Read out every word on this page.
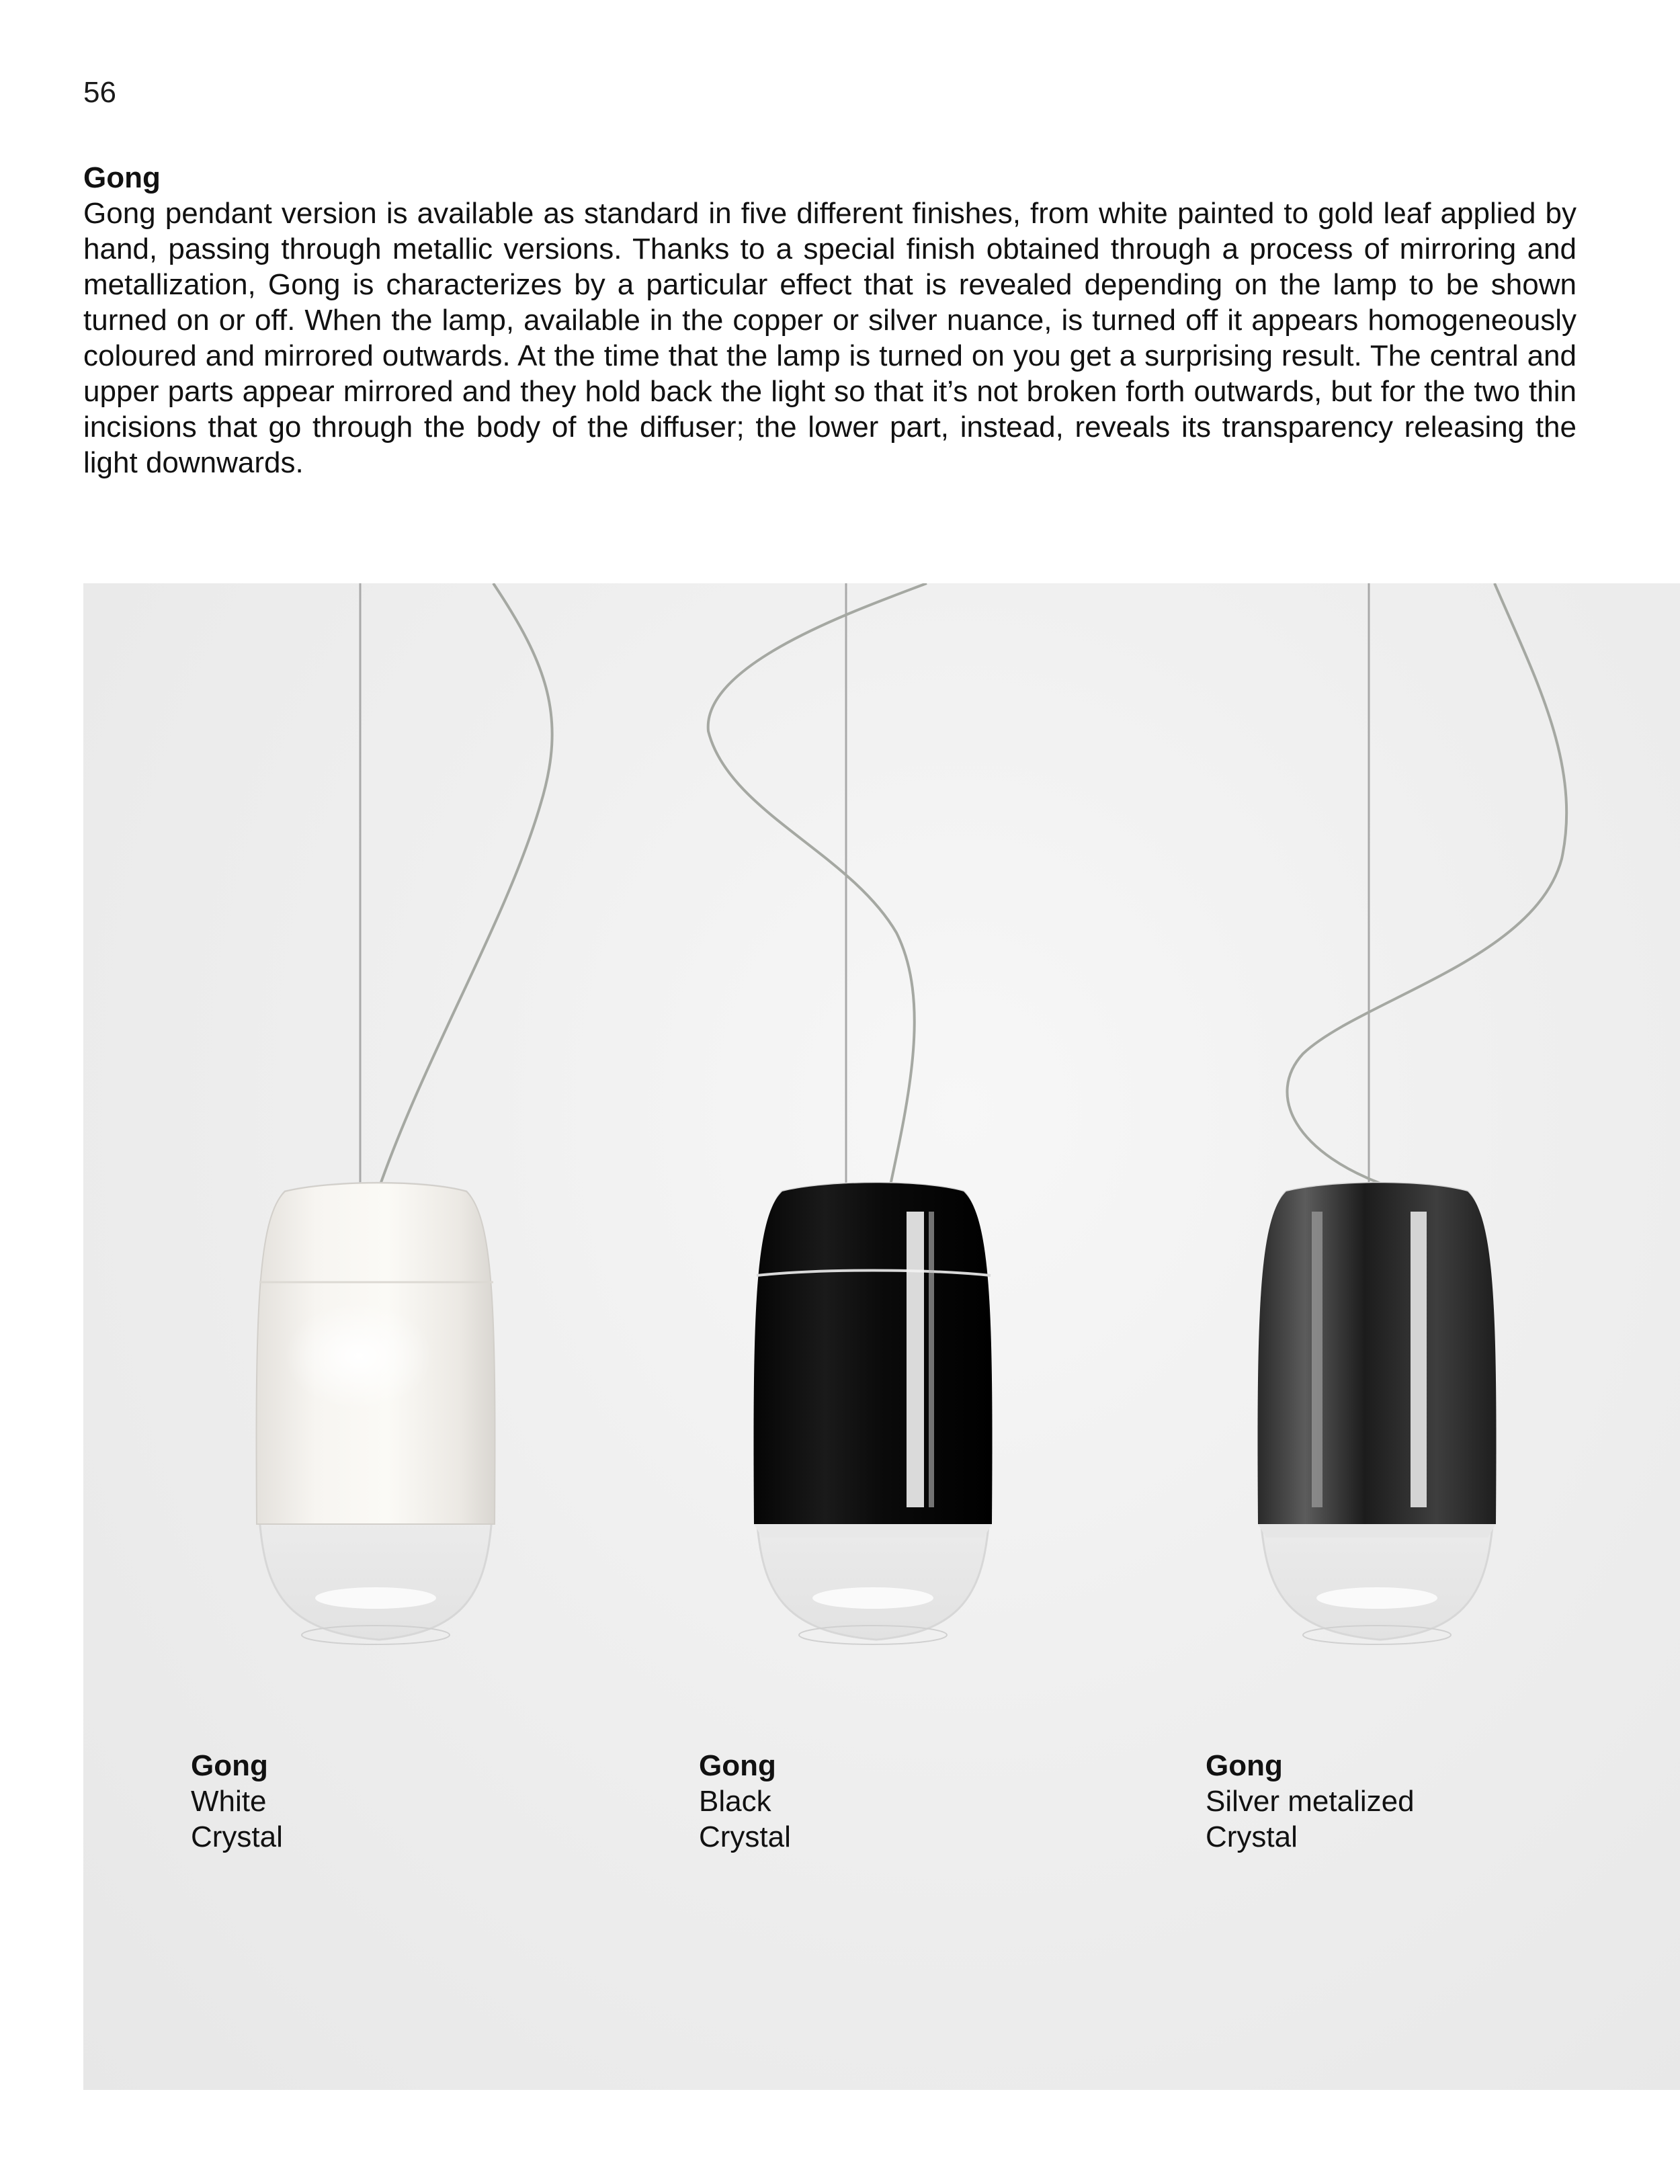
56

Gong

Gong pendant version is available as standard in five different finishes, from white painted to gold leaf applied by hand, passing through metallic versions. Thanks to a special finish obtained through a process of mirroring and metallization, Gong is characterizes by a particular effect that is revealed depending on the lamp to be shown turned on or off. When the lamp, available in the copper or silver nuance, is turned off it appears homogeneously coloured and mirrored outwards. At the time that the lamp is turned on you get a surprising result. The central and upper parts appear mirrored and they hold back the light so that it’s not broken forth outwards, but for the two thin incisions that go through the body of the diffuser; the lower part, instead, reveals its transparency releasing the light downwards.

Gong
White
Crystal
Gong
Black
Crystal
Gong
Silver metalized
Crystal
